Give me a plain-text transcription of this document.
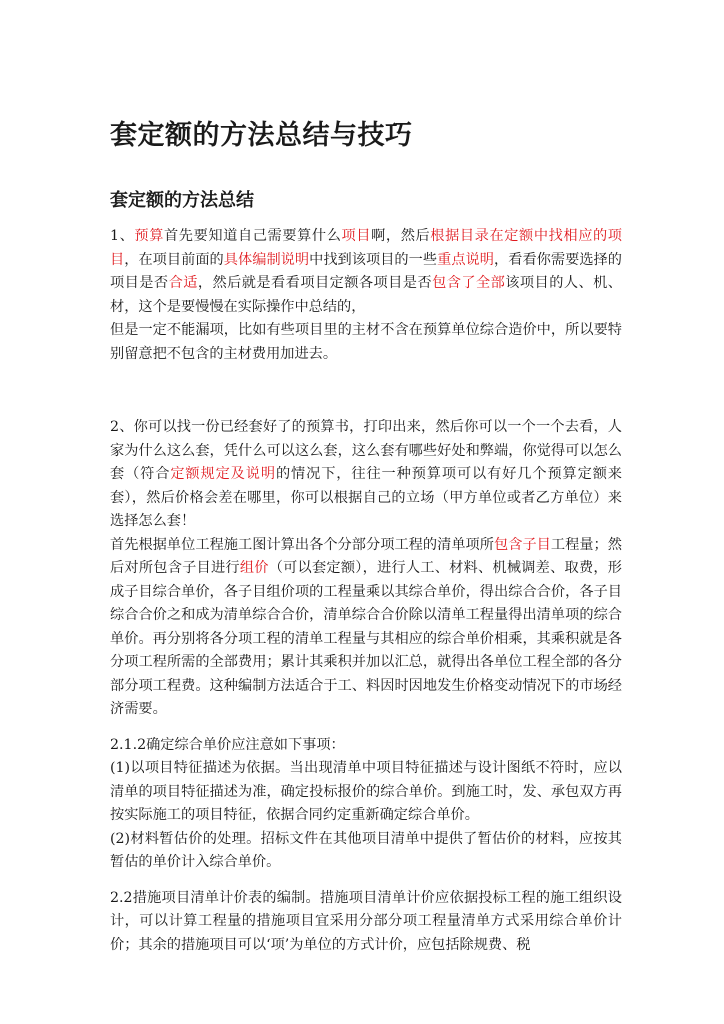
套定额的方法总结与技巧
套定额的方法总结

1、预算首先要知道自己需要算什么项目啊，然后根据目录在定额中找相应的项目，在项目前面的具体编制说明中找到该项目的一些重点说明，看看你需要选择的项目是否合适，然后就是看看项目定额各项目是否包含了全部该项目的人、机、材，这个是要慢慢在实际操作中总结的，

但是一定不能漏项，比如有些项目里的主材不含在预算单位综合造价中，所以要特别留意把不包含的主材费用加进去。

2、你可以找一份已经套好了的预算书，打印出来，然后你可以一个一个去看，人家为什么这么套，凭什么可以这么套，这么套有哪些好处和弊端，你觉得可以怎么套（符合定额规定及说明的情况下，往往一种预算项可以有好几个预算定额来套），然后价格会差在哪里，你可以根据自己的立场（甲方单位或者乙方单位）来选择怎么套！

首先根据单位工程施工图计算出各个分部分项工程的清单项所包含子目工程量；然后对所包含子目进行组价（可以套定额），进行人工、材料、机械调差、取费，形成子目综合单价，各子目组价项的工程量乘以其综合单价，得出综合合价，各子目综合合价之和成为清单综合合价，清单综合合价除以清单工程量得出清单项的综合单价。再分别将各分项工程的清单工程量与其相应的综合单价相乘，其乘积就是各分项工程所需的全部费用；累计其乘积并加以汇总，就得出各单位工程全部的各分部分项工程费。这种编制方法适合于工、料因时因地发生价格变动情况下的市场经济需要。

2.1.2确定综合单价应注意如下事项：

(1)以项目特征描述为依据。当出现清单中项目特征描述与设计图纸不符时，应以清单的项目特征描述为准，确定投标报价的综合单价。到施工时，发、承包双方再按实际施工的项目特征，依据合同约定重新确定综合单价。

(2)材料暂估价的处理。招标文件在其他项目清单中提供了暂估价的材料，应按其暂估的单价计入综合单价。

2.2措施项目清单计价表的编制。措施项目清单计价应依据投标工程的施工组织设计，可以计算工程量的措施项目宜采用分部分项工程量清单方式采用综合单价计价；其余的措施项目可以‘项’为单位的方式计价，应包括除规费、税
